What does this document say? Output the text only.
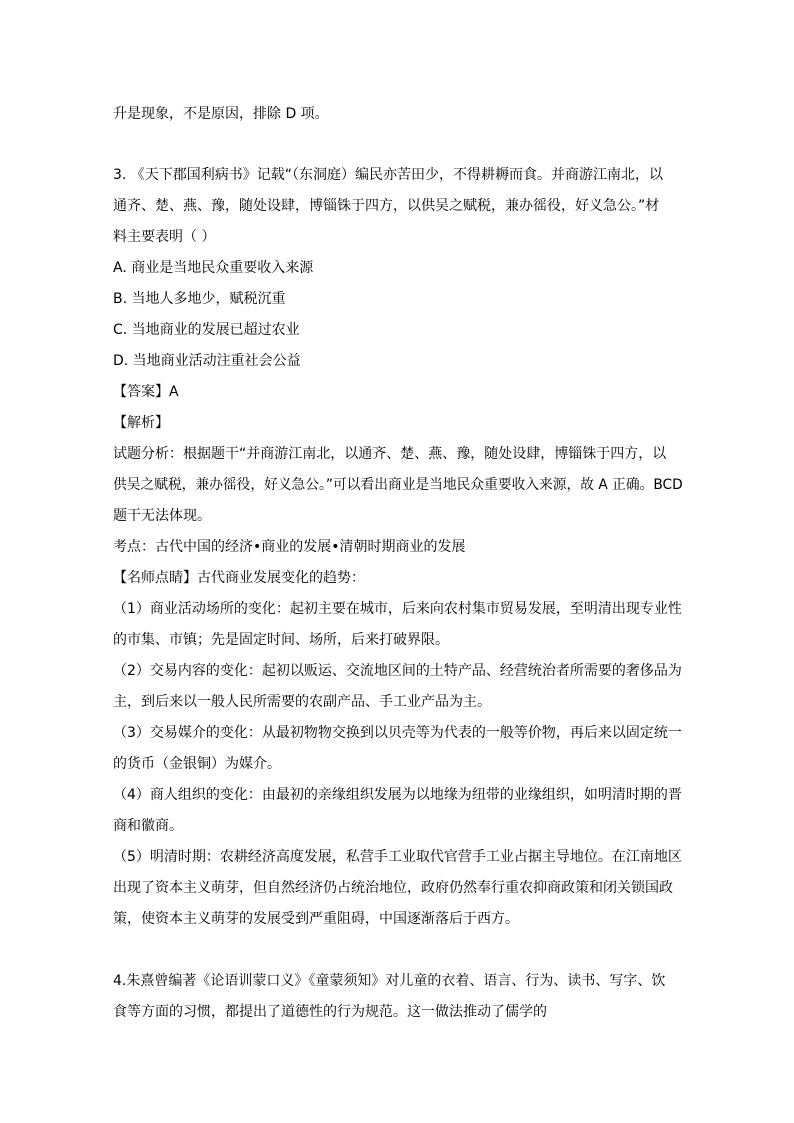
升是现象，不是原因，排除 D 项。
3. 《天下郡国利病书》记载“（东洞庭）编民亦苦田少，不得耕耨而食。并商游江南北，以
通齐、楚、燕、豫，随处设肆，博锱铢于四方，以供吴之赋税，兼办徭役，好义急公。”材
料主要表明（ ）
A. 商业是当地民众重要收入来源
B. 当地人多地少，赋税沉重
C. 当地商业的发展已超过农业
D. 当地商业活动注重社会公益
【答案】A
【解析】
试题分析：根据题干“并商游江南北，以通齐、楚、燕、豫，随处设肆，博锱铢于四方，以
供吴之赋税，兼办徭役，好义急公。”可以看出商业是当地民众重要收入来源，故 A 正确。BCD
题干无法体现。
考点：古代中国的经济•商业的发展•清朝时期商业的发展
【名师点睛】古代商业发展变化的趋势：
（1）商业活动场所的变化：起初主要在城市，后来向农村集市贸易发展，至明清出现专业性
的市集、市镇；先是固定时间、场所，后来打破界限。
（2）交易内容的变化：起初以贩运、交流地区间的土特产品、经营统治者所需要的奢侈品为
主，到后来以一般人民所需要的农副产品、手工业产品为主。
（3）交易媒介的变化：从最初物物交换到以贝壳等为代表的一般等价物，再后来以固定统一
的货币（金银铜）为媒介。
（4）商人组织的变化：由最初的亲缘组织发展为以地缘为纽带的业缘组织，如明清时期的晋
商和徽商。
（5）明清时期：农耕经济高度发展，私营手工业取代官营手工业占据主导地位。在江南地区
出现了资本主义萌芽，但自然经济仍占统治地位，政府仍然奉行重农抑商政策和闭关锁国政
策，使资本主义萌芽的发展受到严重阻碍，中国逐渐落后于西方。
4.朱熹曾编著《论语训蒙口义》《童蒙须知》对儿童的衣着、语言、行为、读书、写字、饮
食等方面的习惯，都提出了道德性的行为规范。这一做法推动了儒学的
